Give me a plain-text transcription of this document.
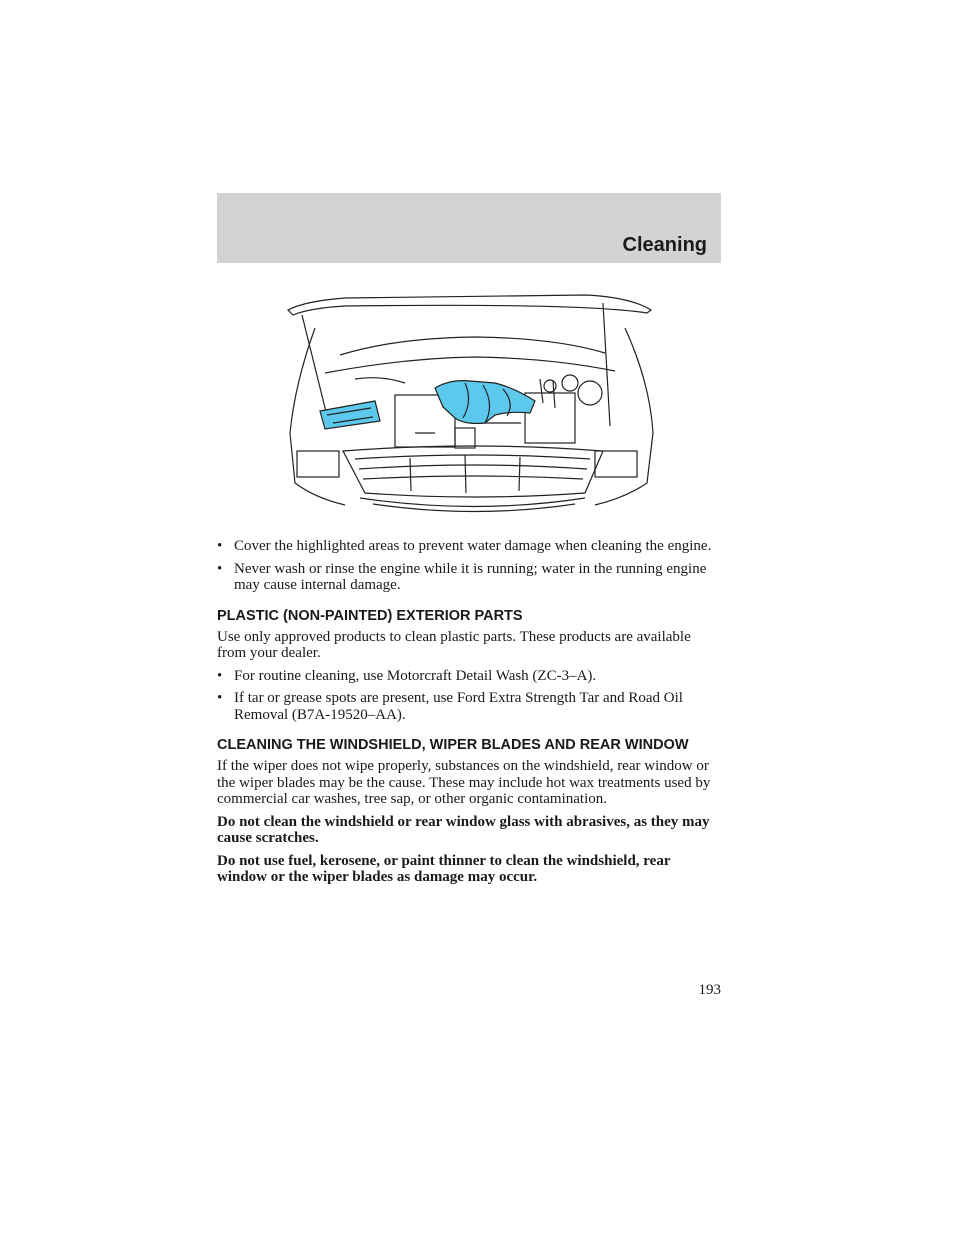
Cleaning
• Cover the highlighted areas to prevent water damage when cleaning the engine.
• Never wash or rinse the engine while it is running; water in the running engine may cause internal damage.
PLASTIC (NON-PAINTED) EXTERIOR PARTS

Use only approved products to clean plastic parts. These products are available from your dealer.

• For routine cleaning, use Motorcraft Detail Wash (ZC-3–A).
• If tar or grease spots are present, use Ford Extra Strength Tar and Road Oil Removal (B7A-19520–AA).
CLEANING THE WINDSHIELD, WIPER BLADES AND REAR WINDOW

If the wiper does not wipe properly, substances on the windshield, rear window or the wiper blades may be the cause. These may include hot wax treatments used by commercial car washes, tree sap, or other organic contamination.

Do not clean the windshield or rear window glass with abrasives, as they may cause scratches.

Do not use fuel, kerosene, or paint thinner to clean the windshield, rear window or the wiper blades as damage may occur.

193
